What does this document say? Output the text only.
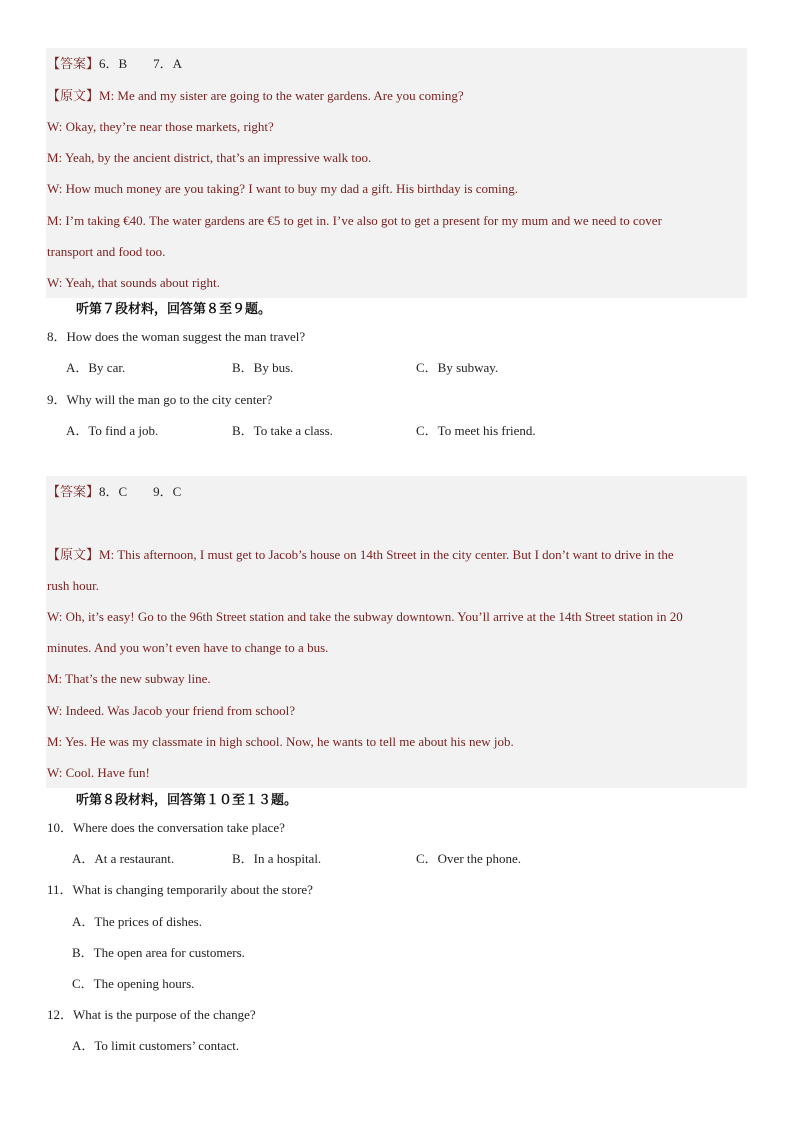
【答案】6．B　　7．A
【原文】M: Me and my sister are going to the water gardens. Are you coming?
W: Okay, they’re near those markets, right?
M: Yeah, by the ancient district, that’s an impressive walk too.
W: How much money are you taking? I want to buy my dad a gift. His birthday is coming.
M: I’m taking €40. The water gardens are €5 to get in. I’ve also got to get a present for my mum and we need to cover
transport and food too.
W: Yeah, that sounds about right.
听第７段材料，回答第８至９题。
8．How does the woman suggest the man travel?
A．By car.	B．By bus.	C．By subway.
9．Why will the man go to the city center?
A．To find a job.	B．To take a class.	C．To meet his friend.
【答案】8．C　　9．C
【原文】M: This afternoon, I must get to Jacob’s house on 14th Street in the city center. But I don’t want to drive in the
rush hour.
W: Oh, it’s easy! Go to the 96th Street station and take the subway downtown. You’ll arrive at the 14th Street station in 20
minutes. And you won’t even have to change to a bus.
M: That’s the new subway line.
W: Indeed. Was Jacob your friend from school?
M: Yes. He was my classmate in high school. Now, he wants to tell me about his new job.
W: Cool. Have fun!
听第８段材料，回答第１０至１３题。
10．Where does the conversation take place?
A．At a restaurant.	B．In a hospital.	C．Over the phone.
11．What is changing temporarily about the store?
A．The prices of dishes.
B．The open area for customers.
C．The opening hours.
12．What is the purpose of the change?
A．To limit customers’ contact.
